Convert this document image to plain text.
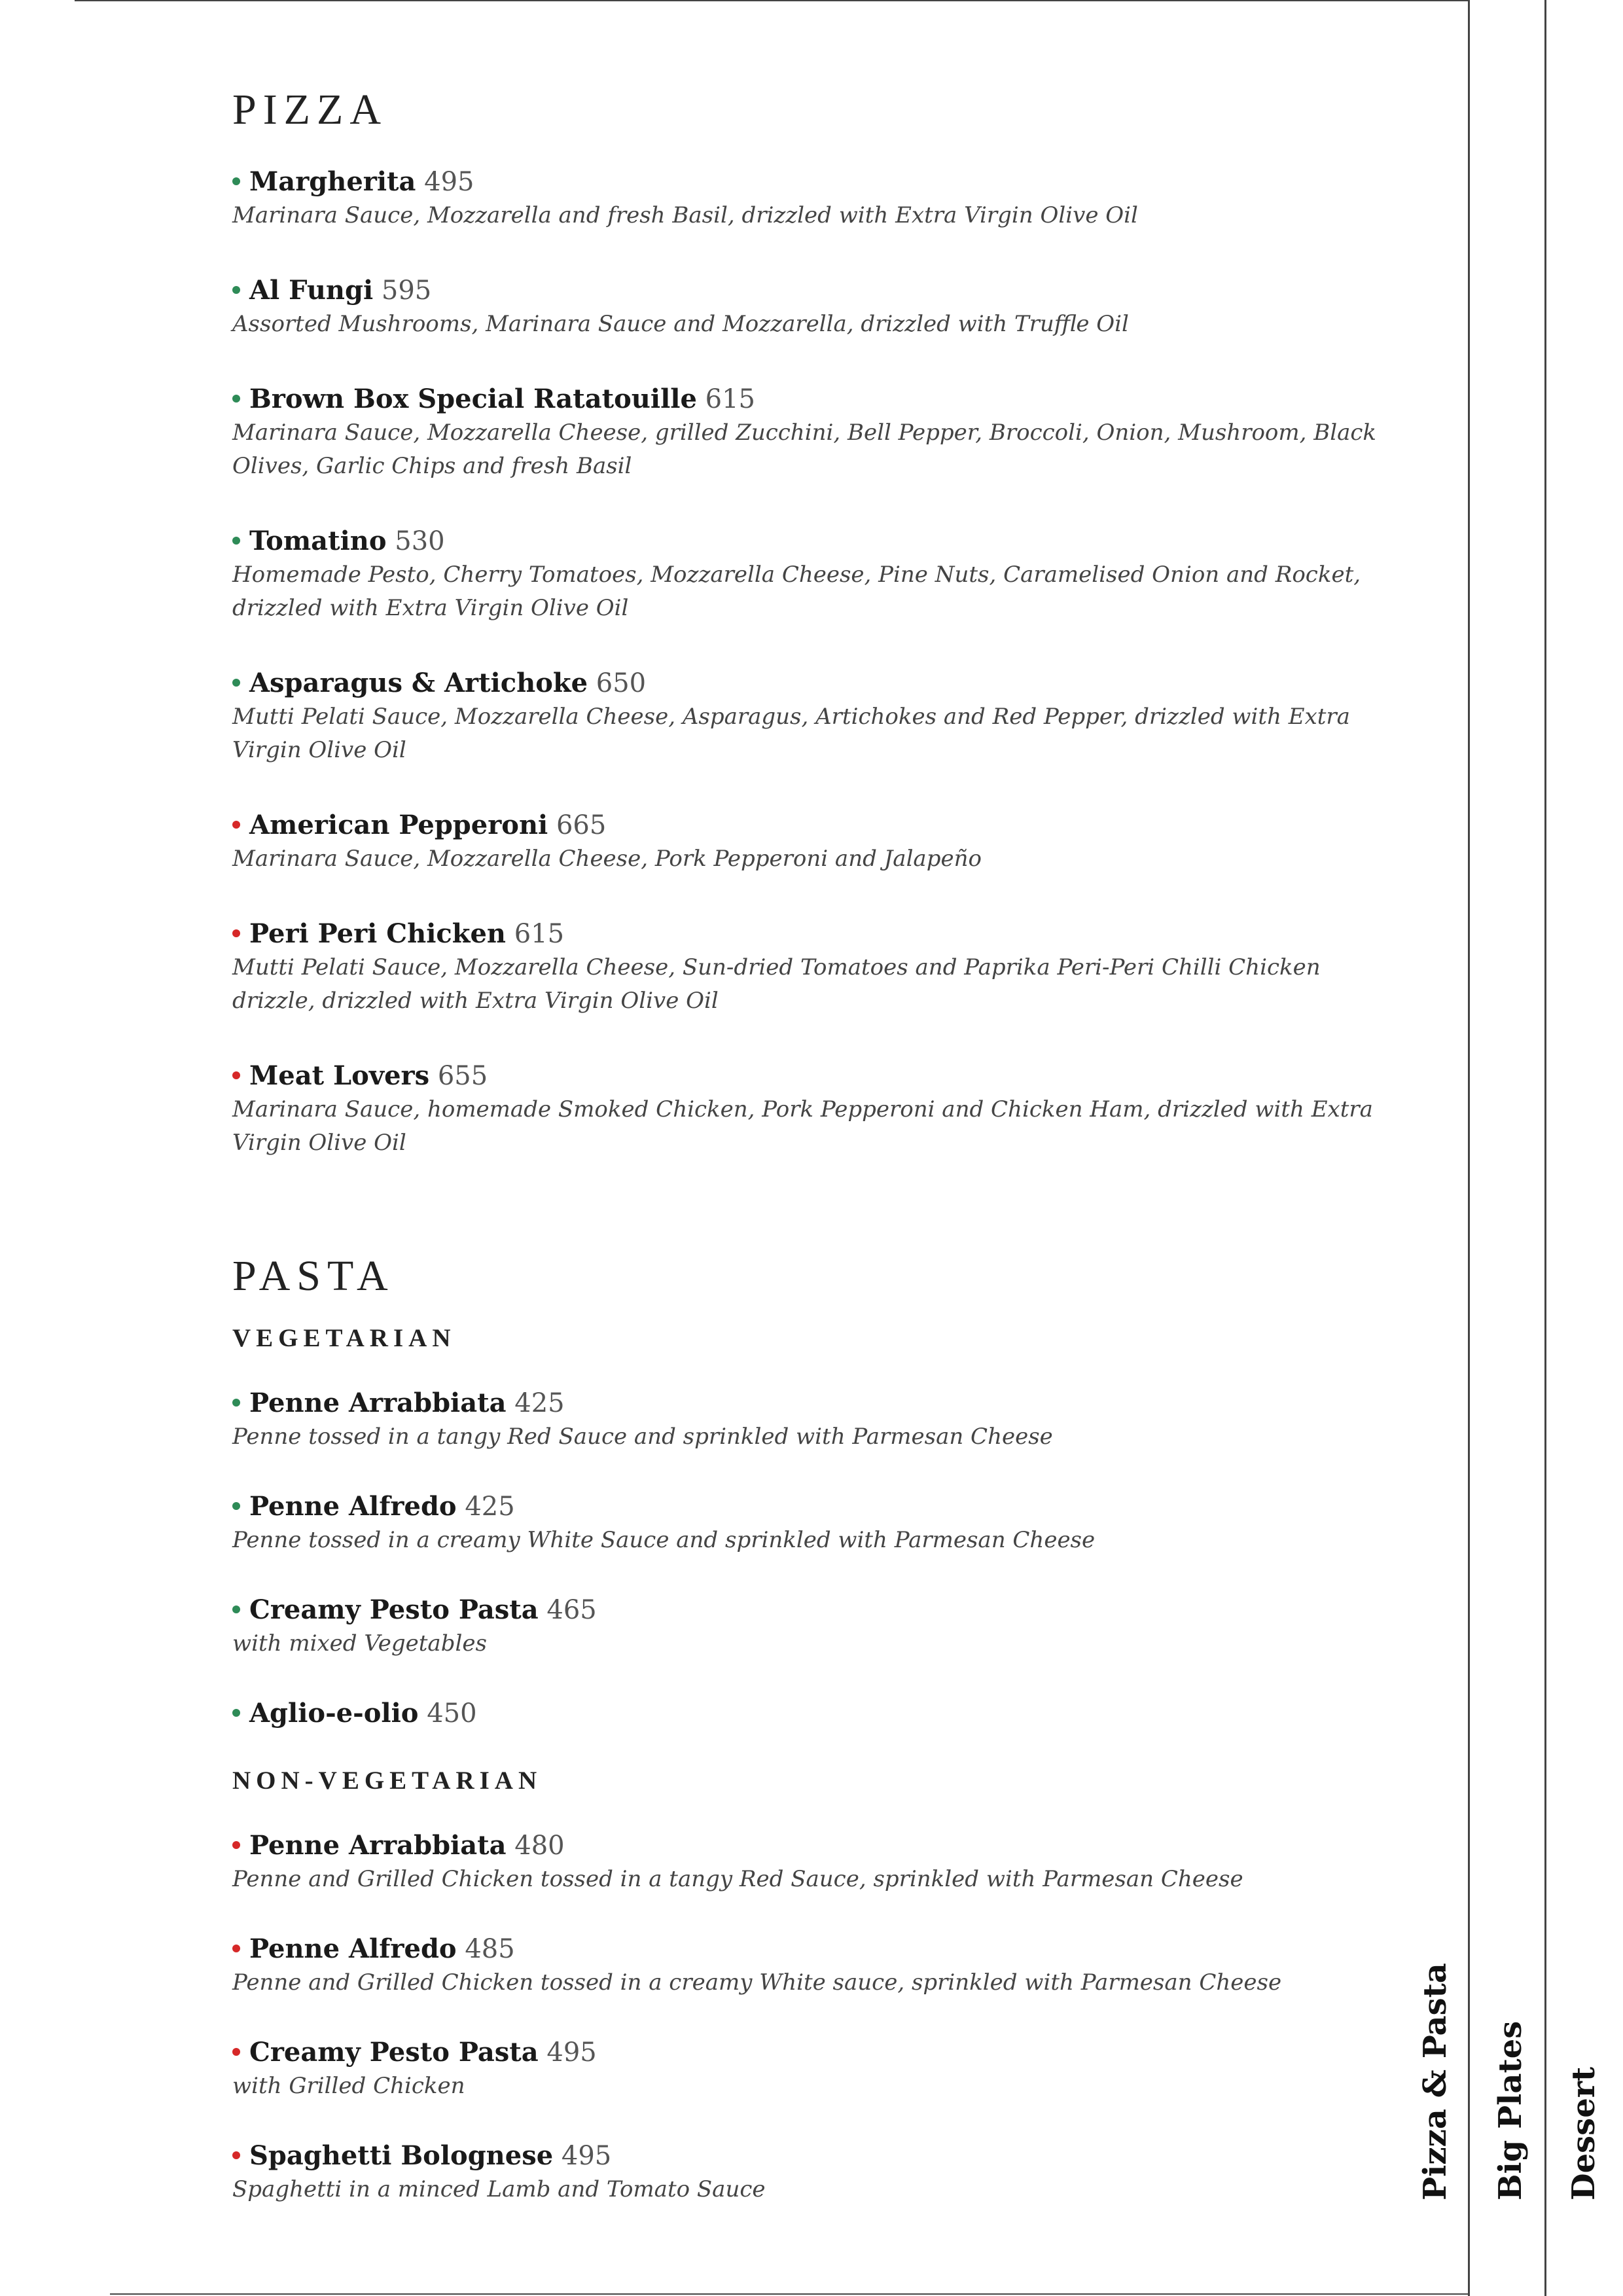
PIZZA
Margherita 495
Marinara Sauce, Mozzarella and fresh Basil, drizzled with Extra Virgin Olive Oil
Al Fungi 595
Assorted Mushrooms, Marinara Sauce and Mozzarella, drizzled with Truffle Oil
Brown Box Special Ratatouille 615
Marinara Sauce, Mozzarella Cheese, grilled Zucchini, Bell Pepper, Broccoli, Onion, Mushroom, Black Olives, Garlic Chips and fresh Basil
Tomatino 530
Homemade Pesto, Cherry Tomatoes, Mozzarella Cheese, Pine Nuts, Caramelised Onion and Rocket, drizzled with Extra Virgin Olive Oil
Asparagus & Artichoke 650
Mutti Pelati Sauce, Mozzarella Cheese, Asparagus, Artichokes and Red Pepper, drizzled with Extra Virgin Olive Oil
American Pepperoni 665
Marinara Sauce, Mozzarella Cheese, Pork Pepperoni and Jalapeño
Peri Peri Chicken 615
Mutti Pelati Sauce, Mozzarella Cheese, Sun-dried Tomatoes and Paprika Peri-Peri Chilli Chicken drizzle, drizzled with Extra Virgin Olive Oil
Meat Lovers 655
Marinara Sauce, homemade Smoked Chicken, Pork Pepperoni and Chicken Ham, drizzled with Extra Virgin Olive Oil
PASTA
VEGETARIAN
Penne Arrabbiata 425
Penne tossed in a tangy Red Sauce and sprinkled with Parmesan Cheese
Penne Alfredo 425
Penne tossed in a creamy White Sauce and sprinkled with Parmesan Cheese
Creamy Pesto Pasta 465
with mixed Vegetables
Aglio-e-olio 450
NON-VEGETARIAN
Penne Arrabbiata 480
Penne and Grilled Chicken tossed in a tangy Red Sauce, sprinkled with Parmesan Cheese
Penne Alfredo 485
Penne and Grilled Chicken tossed in a creamy White sauce, sprinkled with Parmesan Cheese
Creamy Pesto Pasta 495
with Grilled Chicken
Spaghetti Bolognese 495
Spaghetti in a minced Lamb and Tomato Sauce	Pizza & Pasta Big Plates Dessert
